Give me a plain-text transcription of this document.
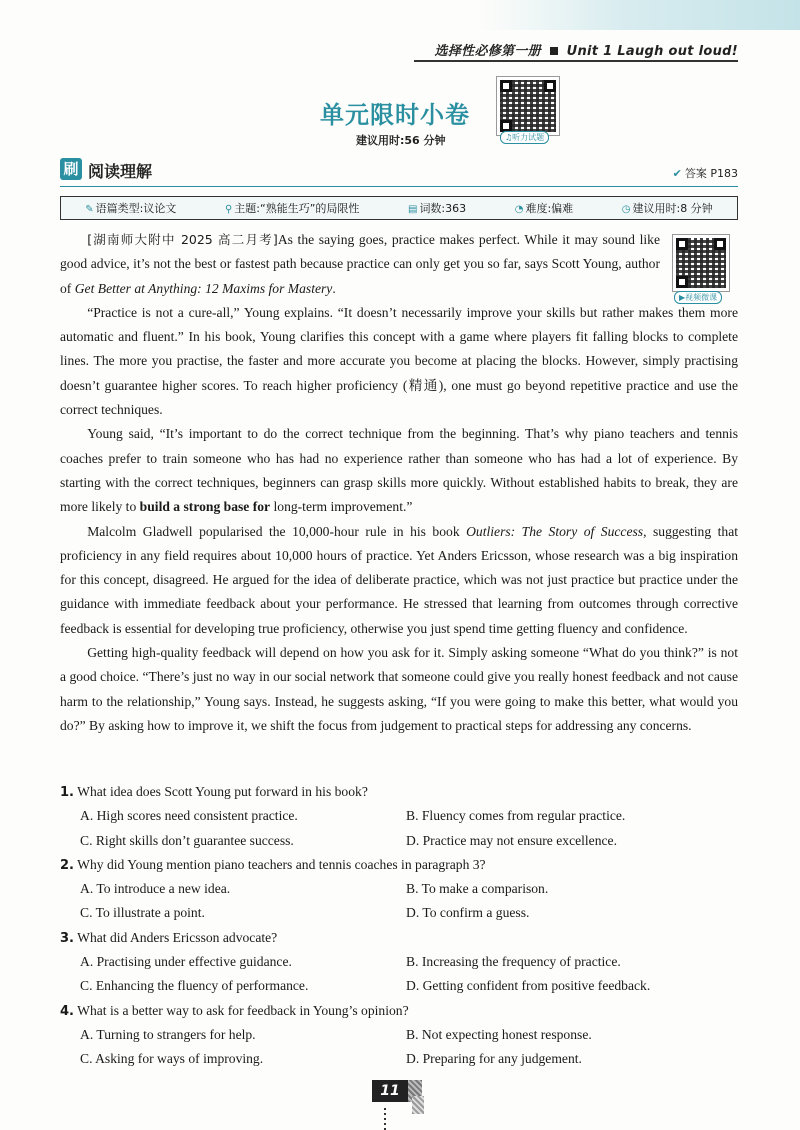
选择性必修第一册 Unit 1 Laugh out loud!
单元限时小卷
建议用时:56 分钟	♫听力试题
刷 阅读理解	✔ 答案 P183
✎ 语篇类型:议论文	⚲ 主题:“熟能生巧”的局限性	▤ 词数:363	◔ 难度:偏难	◷ 建议用时:8 分钟
▶视频微课

[湖南师大附中 2025 高二月考]As the saying goes, practice makes perfect. While it may sound like good advice, it’s not the best or fastest path because practice can only get you so far, says Scott Young, author of Get Better at Anything: 12 Maxims for Mastery.

“Practice is not a cure-all,” Young explains. “It doesn’t necessarily improve your skills but rather makes them more automatic and fluent.” In his book, Young clarifies this concept with a game where players fit falling blocks to complete lines. The more you practise, the faster and more accurate you become at placing the blocks. However, simply practising doesn’t guarantee higher scores. To reach higher proficiency (精通), one must go beyond repetitive practice and use the correct techniques.

Young said, “It’s important to do the correct technique from the beginning. That’s why piano teachers and tennis coaches prefer to train someone who has had no experience rather than someone who has had a lot of experience. By starting with the correct techniques, beginners can grasp skills more quickly. Without established habits to break, they are more likely to build a strong base for long-term improvement.”

Malcolm Gladwell popularised the 10,000-hour rule in his book Outliers: The Story of Success, suggesting that proficiency in any field requires about 10,000 hours of practice. Yet Anders Ericsson, whose research was a big inspiration for this concept, disagreed. He argued for the idea of deliberate practice, which was not just practice but practice under the guidance with immediate feedback about your performance. He stressed that learning from outcomes through corrective feedback is essential for developing true proficiency, otherwise you just spend time getting fluency and confidence.

Getting high-quality feedback will depend on how you ask for it. Simply asking someone “What do you think?” is not a good choice. “There’s just no way in our social network that someone could give you really honest feedback and not cause harm to the relationship,” Young says. Instead, he suggests asking, “If you were going to make this better, what would you do?” By asking how to improve it, we shift the focus from judgement to practical steps for addressing any concerns.

1. What idea does Scott Young put forward in his book?
A. High scores need consistent practice.	B. Fluency comes from regular practice.
C. Right skills don’t guarantee success.	D. Practice may not ensure excellence.
2. Why did Young mention piano teachers and tennis coaches in paragraph 3?
A. To introduce a new idea.	B. To make a comparison.
C. To illustrate a point.	D. To confirm a guess.
3. What did Anders Ericsson advocate?
A. Practising under effective guidance.	B. Increasing the frequency of practice.
C. Enhancing the fluency of performance.	D. Getting confident from positive feedback.
4. What is a better way to ask for feedback in Young’s opinion?
A. Turning to strangers for help.	B. Not expecting honest response.
C. Asking for ways of improving.	D. Preparing for any judgement.
11
